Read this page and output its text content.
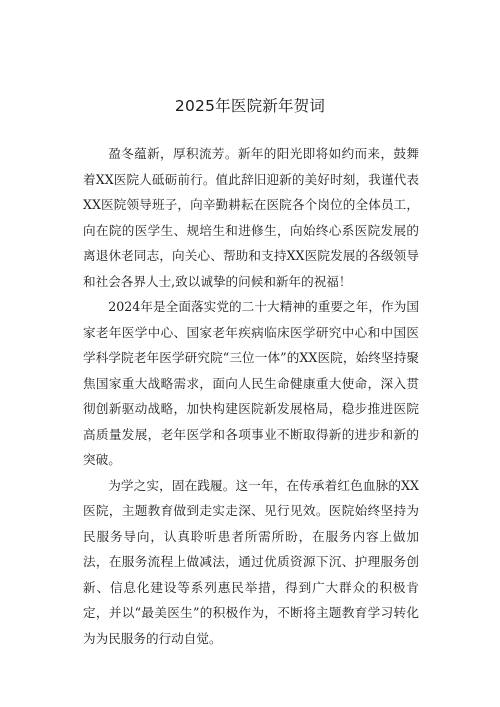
2025年医院新年贺词

盈冬蕴新，厚积流芳。新年的阳光即将如约而来，鼓舞着XX医院人砥砺前行。值此辞旧迎新的美好时刻，我谨代表XX医院领导班子，向辛勤耕耘在医院各个岗位的全体员工，向在院的医学生、规培生和进修生，向始终心系医院发展的离退休老同志，向关心、帮助和支持XX医院发展的各级领导和社会各界人士,致以诚挚的问候和新年的祝福！

2024年是全面落实党的二十大精神的重要之年，作为国家老年医学中心、国家老年疾病临床医学研究中心和中国医学科学院老年医学研究院“三位一体”的XX医院，始终坚持聚焦国家重大战略需求，面向人民生命健康重大使命，深入贯彻创新驱动战略，加快构建医院新发展格局，稳步推进医院高质量发展，老年医学和各项事业不断取得新的进步和新的突破。

为学之实，固在践履。这一年，在传承着红色血脉的XX医院，主题教育做到走实走深、见行见效。医院始终坚持为民服务导向，认真聆听患者所需所盼，在服务内容上做加法，在服务流程上做减法，通过优质资源下沉、护理服务创新、信息化建设等系列惠民举措，得到广大群众的积极肯定，并以“最美医生”的积极作为，不断将主题教育学习转化为为民服务的行动自觉。
